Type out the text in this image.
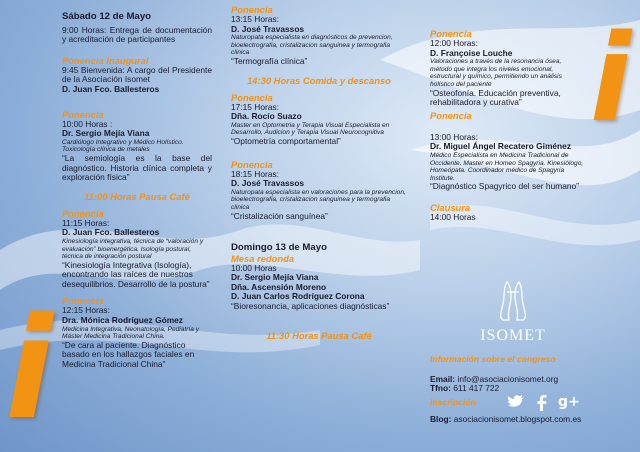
i
i

Sábado 12 de Mayo

9:00 Horas: Entrega de documentación y acreditación de participantes

Ponencia Inaugural

9:45 Bienvenida: A cargo del Presidente de la Asociación Isomet

D. Juan Fco. Ballesteros

Ponencia

10:00 Horas :

Dr. Sergio Mejía Viana

Cardiólogo Integrativo y Médico Holístico. Toxicología clínica de metales

“La semiología es la base del diagnóstico. Historia clínica completa y exploración física”

11:00 Horas Pausa Café

Ponencia

11:15 Horas:

D. Juan Fco. Ballesteros

Kinesiología integrativa, técnica de “valoración y evaluación” bioenergética. Isología postural, técnica de integración postural

“Kinesiología Integrativa (Isología), encontrando las raíces de nuestros desequilibrios. Desarrollo de la postura”

Ponencia

12:15 Horas:

Dra. Mónica Rodríguez Gómez

Medicina Integrativa, Neonatología, Pediatría y Máster Medicina Tradicional China.

“De cara al paciente. Diagnóstico basado en los hallazgos faciales en Medicina Tradicional China”

Ponencia

13:15 Horas:

D. José Travassos

Naturopata especialista en diagnósticos de prevencion, bioelectrografia, cristalizacion sanguinea y termografia clinica

“Termografía clínica”

14:30 Horas Comida y descanso

Ponencia

17:15 Horas:

Dña. Rocío Suazo

Master en Optometria y Terapia Visual Especialista en Desarrollo, Audicion y Terapia Visual Neurocognitiva

“Optometría comportamental”

Ponencia

18:15 Horas:

D. José Travassos

Naturopata especialista en valoraciones para la prevencion, bioelectrografia, cristalizacion sanguinea y termografia clinica

“Cristalización sanguínea”

Domingo 13 de Mayo

Mesa redonda

10:00 Horas

Dr. Sergio Mejía Viana

Dña. Ascensión Moreno

D. Juan Carlos Rodríguez Corona

“Bioresonancia, aplicaciones diagnósticas”

11:30 Horas Pausa Café

Ponencia

12:00 Horas:

D. Françoise Louche

Valoraciones a través de la resonancia ósea, método que integra los niveles emocional, estructural y químico, permitiendo un análisis holístico del paciente

“Osteofonía. Educación preventiva, rehabilitadora y curativa”

Ponencia

13:00 Horas:

Dr. Miguel Ángel Recatero Giménez

Médico Especialista en Medicina Tradicional de Occidente. Master en Homeo Spagyria. Kinesiólogo, Homeópata. Coordinador médico de Spagyria Institute.

“Diagnóstico Spagyrico del ser humano”

Clausura

14:00 Horas

ISOMET

Información sobre el congreso

Email: info@asociacionisomet.org

Tfno: 611 417 722

Inscripción

Blog: asociacionisomet.blogspot.com.es

g+
